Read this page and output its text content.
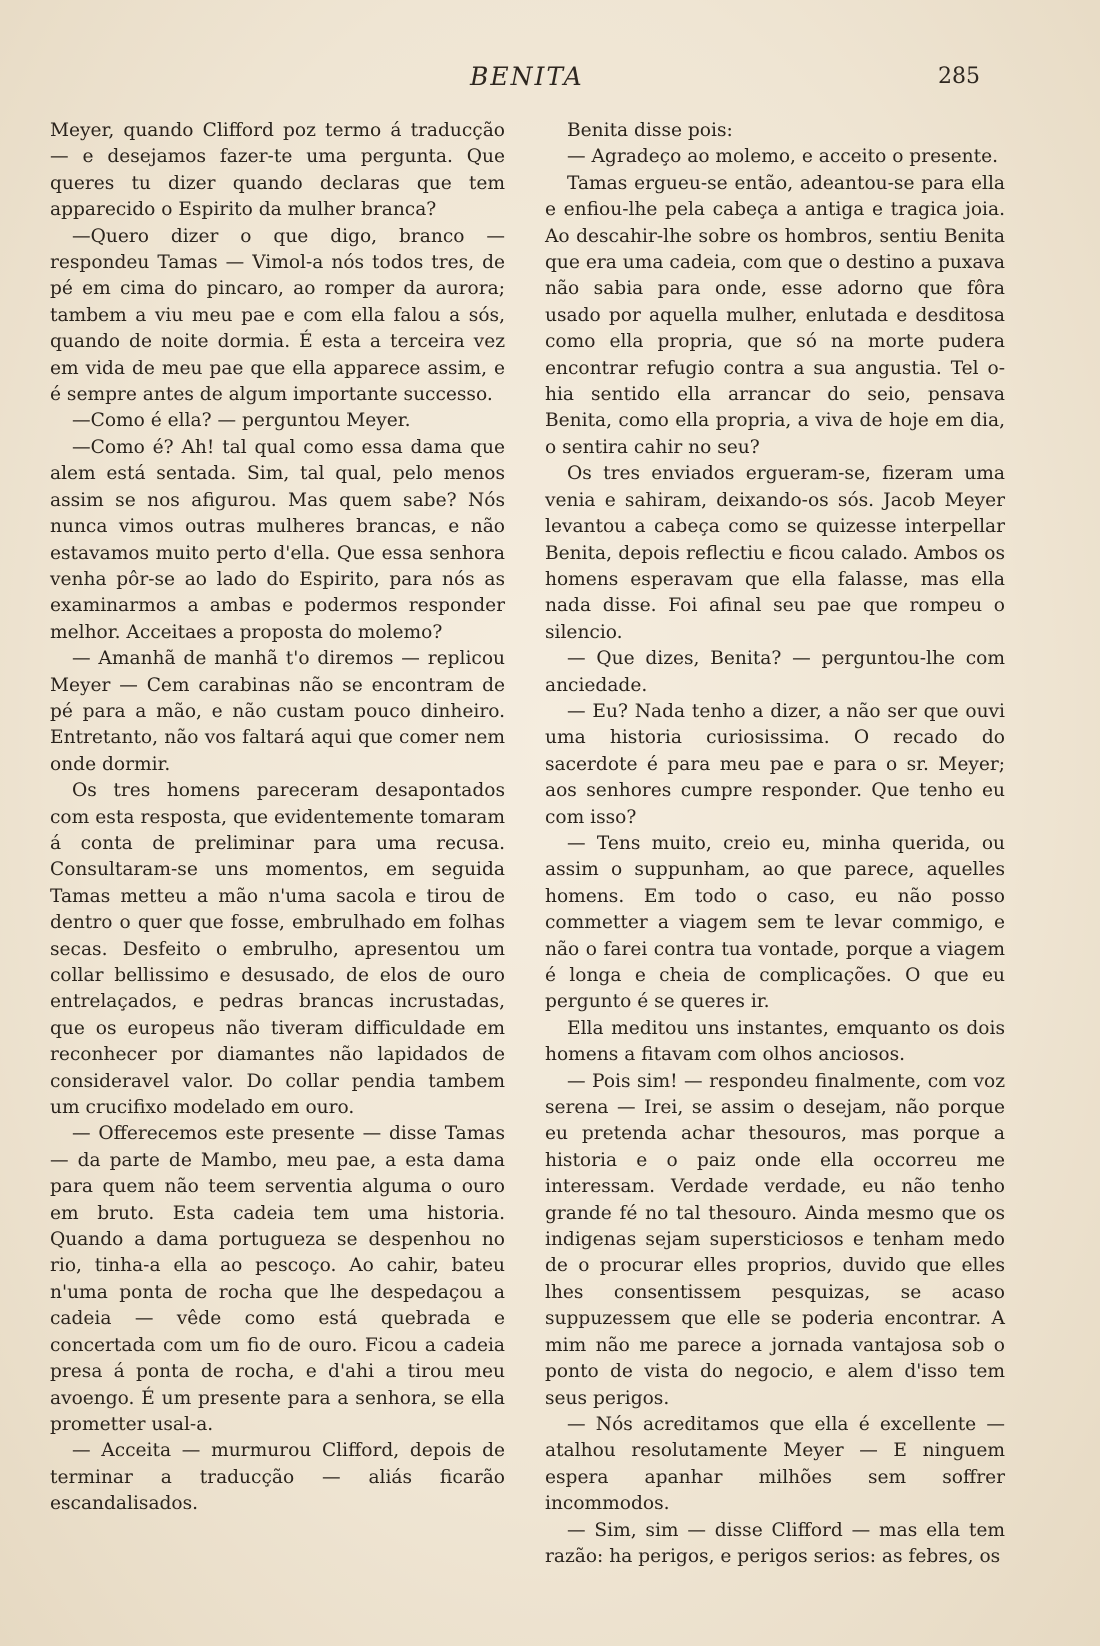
BENITA	285

Meyer, quando Clifford poz termo á traducção — e desejamos fazer-te uma pergunta. Que queres tu dizer quando declaras que tem apparecido o Espirito da mulher branca?

—Quero dizer o que digo, branco — respondeu Tamas — Vimol-a nós todos tres, de pé em cima do pincaro, ao romper da aurora; tambem a viu meu pae e com ella falou a sós, quando de noite dormia. É esta a terceira vez em vida de meu pae que ella apparece assim, e é sempre antes de algum importante successo.

—Como é ella? — perguntou Meyer.

—Como é? Ah! tal qual como essa dama que alem está sentada. Sim, tal qual, pelo menos assim se nos afigurou. Mas quem sabe? Nós nunca vimos outras mulheres brancas, e não estavamos muito perto d'ella. Que essa senhora venha pôr-se ao lado do Espirito, para nós as examinarmos a ambas e podermos responder melhor. Acceitaes a proposta do molemo?

— Amanhã de manhã t'o diremos — replicou Meyer — Cem carabinas não se encontram de pé para a mão, e não custam pouco dinheiro. Entretanto, não vos faltará aqui que comer nem onde dormir.

Os tres homens pareceram desapontados com esta resposta, que evidentemente tomaram á conta de preliminar para uma recusa. Consultaram-se uns momentos, em seguida Tamas metteu a mão n'uma sacola e tirou de dentro o quer que fosse, embrulhado em folhas secas. Desfeito o embrulho, apresentou um collar bellissimo e desusado, de elos de ouro entrelaçados, e pedras brancas incrustadas, que os europeus não tiveram difficuldade em reconhecer por diamantes não lapidados de consideravel valor. Do collar pendia tambem um crucifixo modelado em ouro.

— Offerecemos este presente — disse Tamas — da parte de Mambo, meu pae, a esta dama para quem não teem serventia alguma o ouro em bruto. Esta cadeia tem uma historia. Quando a dama portugueza se despenhou no rio, tinha-a ella ao pescoço. Ao cahir, bateu n'uma ponta de rocha que lhe despedaçou a cadeia — vêde como está quebrada e concertada com um fio de ouro. Ficou a cadeia presa á ponta de rocha, e d'ahi a tirou meu avoengo. É um presente para a senhora, se ella prometter usal-a.

— Acceita — murmurou Clifford, depois de terminar a traducção — aliás ficarão escandalisados.

Benita disse pois:

— Agradeço ao molemo, e acceito o presente.

Tamas ergueu-se então, adeantou-se para ella e enfiou-lhe pela cabeça a antiga e tragica joia. Ao descahir-lhe sobre os hombros, sentiu Benita que era uma cadeia, com que o destino a puxava não sabia para onde, esse adorno que fôra usado por aquella mulher, enlutada e desditosa como ella propria, que só na morte pudera encontrar refugio contra a sua angustia. Tel o-hia sentido ella arrancar do seio, pensava Benita, como ella propria, a viva de hoje em dia, o sentira cahir no seu?

Os tres enviados ergueram-se, fizeram uma venia e sahiram, deixando-os sós. Jacob Meyer levantou a cabeça como se quizesse interpellar Benita, depois reflectiu e ficou calado. Ambos os homens esperavam que ella falasse, mas ella nada disse. Foi afinal seu pae que rompeu o silencio.

— Que dizes, Benita? — perguntou-lhe com anciedade.

— Eu? Nada tenho a dizer, a não ser que ouvi uma historia curiosissima. O recado do sacerdote é para meu pae e para o sr. Meyer; aos senhores cumpre responder. Que tenho eu com isso?

— Tens muito, creio eu, minha querida, ou assim o suppunham, ao que parece, aquelles homens. Em todo o caso, eu não posso commetter a viagem sem te levar commigo, e não o farei contra tua vontade, porque a viagem é longa e cheia de complicações. O que eu pergunto é se queres ir.

Ella meditou uns instantes, emquanto os dois homens a fitavam com olhos anciosos.

— Pois sim! — respondeu finalmente, com voz serena — Irei, se assim o desejam, não porque eu pretenda achar thesouros, mas porque a historia e o paiz onde ella occorreu me interessam. Verdade verdade, eu não tenho grande fé no tal thesouro. Ainda mesmo que os indigenas sejam supersticiosos e tenham medo de o procurar elles proprios, duvido que elles lhes consentissem pesquizas, se acaso suppuzessem que elle se poderia encontrar. A mim não me parece a jornada vantajosa sob o ponto de vista do negocio, e alem d'isso tem seus perigos.

— Nós acreditamos que ella é excellente — atalhou resolutamente Meyer — E ninguem espera apanhar milhões sem soffrer incommodos.

— Sim, sim — disse Clifford — mas ella tem razão: ha perigos, e perigos serios: as febres, os
